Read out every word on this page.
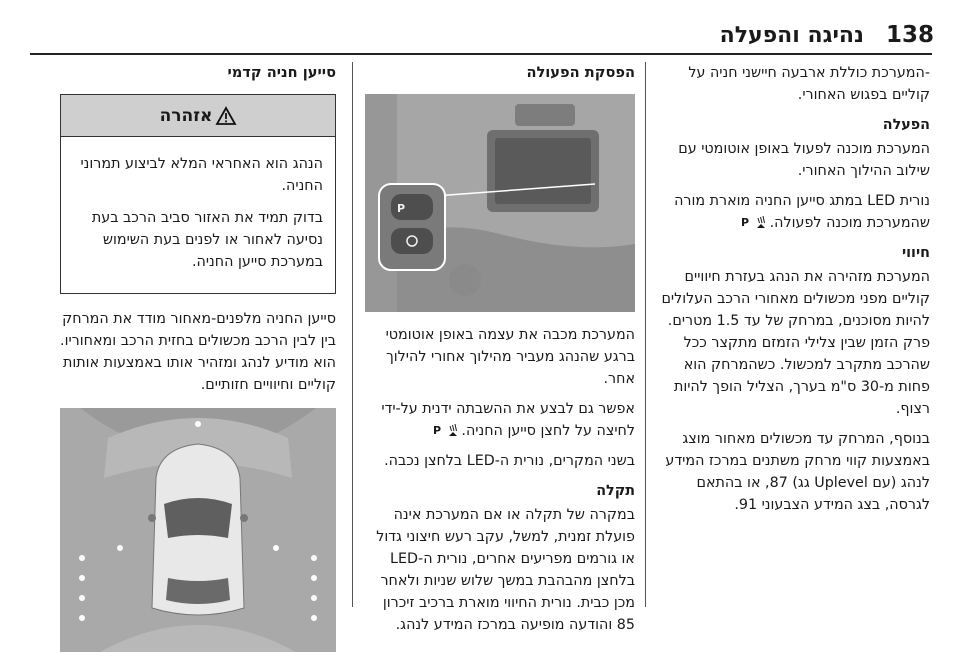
138
נהיגה והפעלה

-המערכת כוללת ארבעה חיישני חניה על קוליים בפגוש האחורי.

הפעלה

המערכת מוכנה לפעול באופן אוטומטי עם שילוב ההילוך האחורי.

נורית LED במתג סייען החניה מוארת מורה שהמערכת מוכנה לפעולה.
P

חיווי

המערכת מזהירה את הנהג בעזרת חיוויים קוליים מפני מכשולים מאחורי הרכב העלולים להיות מסוכנים, במרחק של עד 1.5 מטרים. פרק הזמן שבין צלילי הזמזם מתקצר ככל שהרכב מתקרב למכשול. כשהמרחק הוא פחות מ-30 ס"מ בערך, הצליל הופך להיות רצוף.

בנוסף, המרחק עד מכשולים מאחור מוצג באמצעות קווי מרחק משתנים במרכז המידע לנהג (עם Uplevel גג) 87, או בהתאם לגרסה, בצג המידע הצבעוני 91.

הפסקת הפעולה

P

המערכת מכבה את עצמה באופן אוטומטי ברגע שהנהג מעביר מהילוך אחורי להילוך אחר.

אפשר גם לבצע את ההשבתה ידנית על-ידי לחיצה על לחצן סייען החניה.
P

בשני המקרים, נורית ה-LED בלחצן נכבה.

תקלה

במקרה של תקלה או אם המערכת אינה פועלת זמנית, למשל, עקב רעש חיצוני גדול או גורמים מפריעים אחרים, נורית ה-LED בלחצן מהבהבת במשך שלוש שניות ולאחר מכן כבית. נורית החיווי מוארת ברכיב זיכרון 85 והודעה מופיעה במרכז המידע לנהג.

סייען חניה קדמי

אזהרה

הנהג הוא האחראי המלא לביצוע תמרוני החניה.

בדוק תמיד את האזור סביב הרכב בעת נסיעה לאחור או לפנים בעת השימוש במערכת סייען החניה.

סייען החניה מלפנים-מאחור מודד את המרחק בין לבין הרכב מכשולים בחזית הרכב ומאחוריו. הוא מודיע לנהג ומזהיר אותו באמצעות אותות קוליים וחיוויים חזותיים.
